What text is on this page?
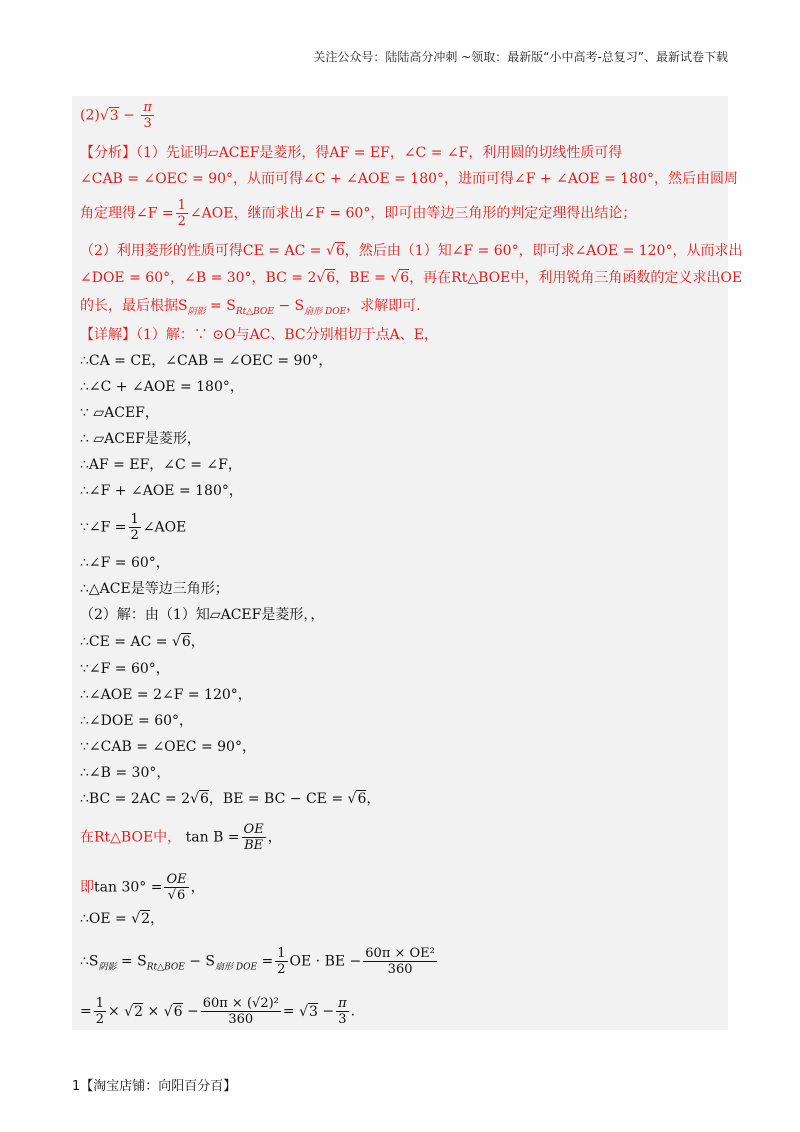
关注公众号：陆陆高分冲刺 ~领取：最新版“小中高考-总复习”、最新试卷下载
$(2)√3 - \frac{\pi}{3}$
【分析】（1）先证明▱ACEF是菱形，得AF = EF，∠C = ∠F，利用圆的切线性质可得
∠CAB = ∠OEC = 90°，从而可得∠C + ∠AOE = 180°，进而可得∠F + ∠AOE = 180°，然后由圆周
角定理得∠F = $\frac{1}{2}$ ∠AOE，继而求出∠F = 60°，即可由等边三角形的判定定理得出结论；
（2）利用菱形的性质可得CE = AC = √6，然后由（1）知∠F = 60°，即可求∠AOE = 120°，从而求出
∠DOE = 60°，∠B = 30°，BC = 2√6，BE = √6，再在Rt△BOE中，利用锐角三角函数的定义求出OE
的长，最后根据$S_{阴影} = S_{Rt\triangle BOE} - S_{扇形 DOE}$，求解即可.
【详解】（1）解：∵ ⊙O与AC、BC分别相切于点A、E，
∴CA = CE，∠CAB = ∠OEC = 90°，
∴∠C + ∠AOE = 180°，
∵ ▱ACEF，
∴ ▱ACEF是菱形，
∴AF = EF，∠C = ∠F，
∴∠F + ∠AOE = 180°，
∵∠F = $\frac{1}{2}$ ∠AOE
∴∠F = 60°，
∴△ACE是等边三角形；
（2）解：由（1）知▱ACEF是菱形，，
∴CE = AC = √6，
∵∠F = 60°，
∴∠AOE = 2∠F = 120°，
∴∠DOE = 60°，
∵∠CAB = ∠OEC = 90°，
∴∠B = 30°，
∴BC = 2AC = 2√6，BE = BC − CE = √6，
在Rt△BOE中， $\tan B = \frac{OE}{BE}$ ，
即$\tan 30^\circ = \frac{OE}{√6}$ ，
∴OE = √2，
$\therefore S_{阴影} = S_{Rt\triangle BOE} - S_{扇形 DOE} = \frac{1}{2}$ OE · BE − $\frac{\text{60π × OE²}}{360}$
= $\frac{1}{2} \times √2 \times √6 - \frac{\text{60π × (√2)²}}{360} = √3 - \frac{\pi}{3}$ .
1【淘宝店铺：向阳百分百】
